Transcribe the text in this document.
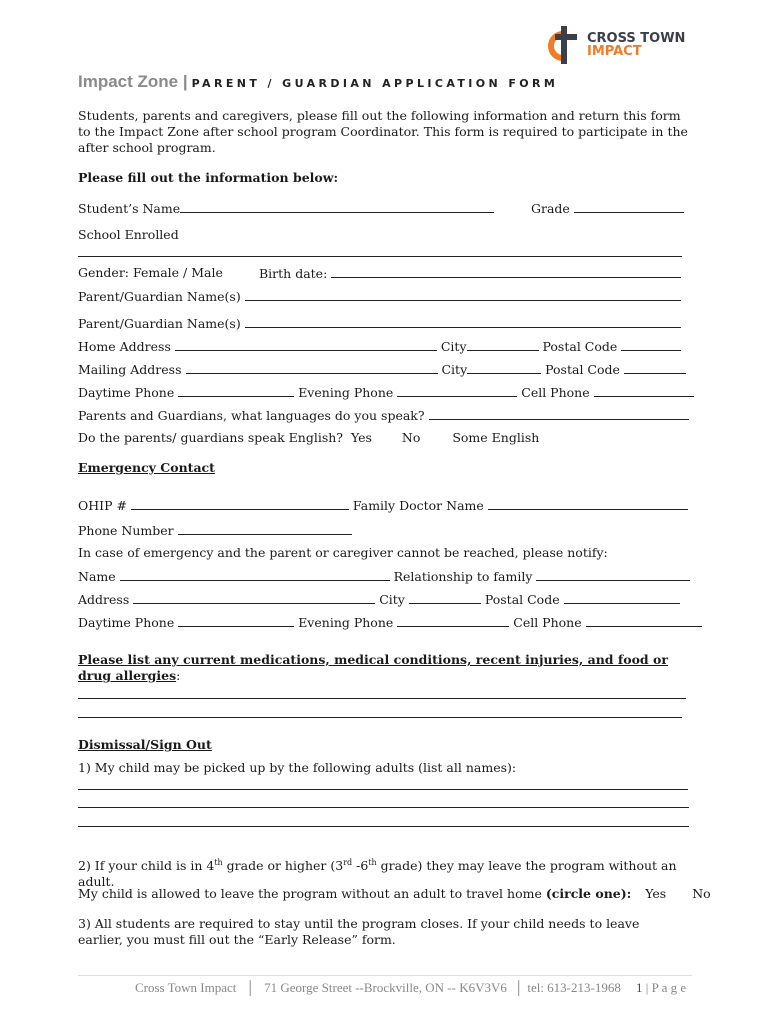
CROSS TOWN
IMPACT
Impact Zone | PARENT / GUARDIAN APPLICATION FORM
Students, parents and caregivers, please fill out the following information and return this form to the Impact Zone after school program Coordinator. This form is required to participate in the after school program.
Please fill out the information below:
Student’s Name	Grade
School Enrolled
Gender: Female / Male	Birth date:
Parent/Guardian Name(s)
Parent/Guardian Name(s)
Home Address	City	Postal Code
Mailing Address	City	Postal Code
Daytime Phone	Evening Phone	Cell Phone
Parents and Guardians, what languages do you speak?
Do the parents/ guardians speak English? Yes No	Some English
Emergency Contact
OHIP #	Family Doctor Name
Phone Number
In case of emergency and the parent or caregiver cannot be reached, please notify:
Name	Relationship to family
Address	City	Postal Code
Daytime Phone	Evening Phone	Cell Phone
Please list any current medications, medical conditions, recent injuries, and food or drug allergies:
Dismissal/Sign Out
1) My child may be picked up by the following adults (list all names):
2) If your child is in 4th grade or higher (3rd -6th grade) they may leave the program without an adult.
My child is allowed to leave the program without an adult to travel home (circle one): Yes No
3) All students are required to stay until the program closes. If your child needs to leave earlier, you must fill out the “Early Release” form.
Cross Town Impact │ 71 George Street --Brockville, ON -- K6V3V6 │ tel: 613-213-1968 1 | P a g e
